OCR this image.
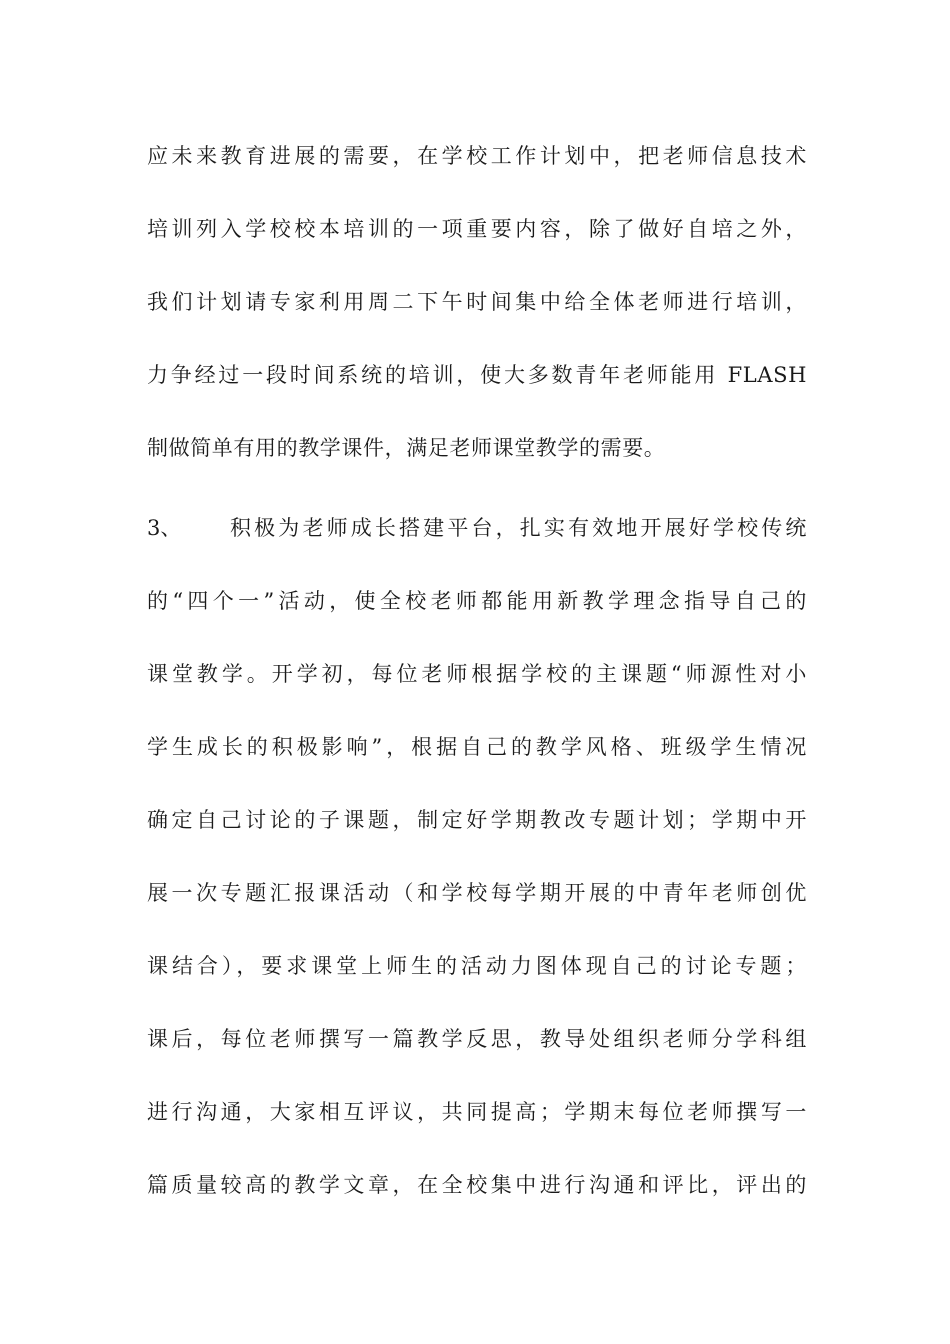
应未来教育进展的需要，在学校工作计划中，把老师信息技术
培训列入学校校本培训的一项重要内容，除了做好自培之外，
我们计划请专家利用周二下午时间集中给全体老师进行培训，
力争经过一段时间系统的培训，使大多数青年老师能用 FLASH
制做简单有用的教学课件，满足老师课堂教学的需要。
3、 积极为老师成长搭建平台，扎实有效地开展好学校传统
的“四个一”活动，使全校老师都能用新教学理念指导自己的
课堂教学。开学初，每位老师根据学校的主课题“师源性对小
学生成长的积极影响”，根据自己的教学风格、班级学生情况
确定自己讨论的子课题，制定好学期教改专题计划；学期中开
展一次专题汇报课活动（和学校每学期开展的中青年老师创优
课结合），要求课堂上师生的活动力图体现自己的讨论专题；
课后，每位老师撰写一篇教学反思，教导处组织老师分学科组
进行沟通，大家相互评议，共同提高；学期末每位老师撰写一
篇质量较高的教学文章，在全校集中进行沟通和评比，评出的
